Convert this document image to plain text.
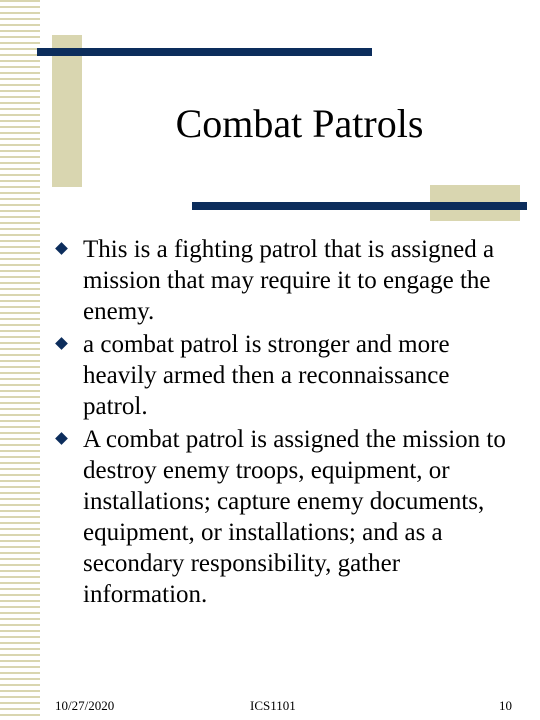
Combat Patrols
This is a fighting patrol that is assigned a mission that may require it to engage the enemy.
a combat patrol is stronger and more heavily armed then a reconnaissance patrol.
A combat patrol is assigned the mission to destroy enemy troops, equipment, or installations; capture enemy documents, equipment, or installations; and as a secondary responsibility, gather information.
10/27/2020	ICS1101	10
